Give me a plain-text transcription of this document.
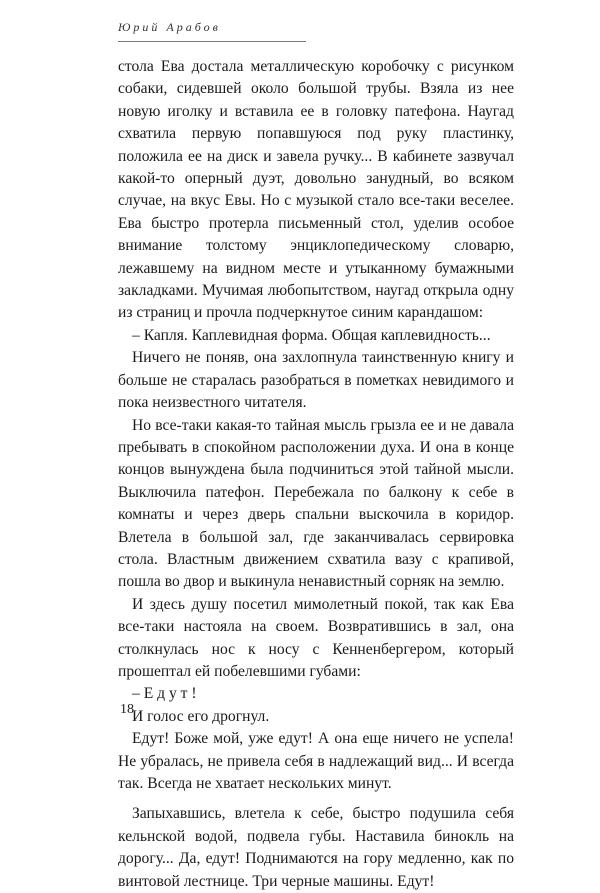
Юрий Арабов

стола Ева достала металлическую коробочку с рисунком собаки, сидевшей около большой трубы. Взяла из нее новую иголку и вставила ее в головку патефона. Наугад схватила первую попавшуюся под руку пластинку, положила ее на диск и завела ручку... В кабинете зазвучал какой-то оперный дуэт, довольно занудный, во всяком случае, на вкус Евы. Но с музыкой стало все-таки веселее. Ева быстро протерла письменный стол, уделив особое внимание толстому энциклопедическому словарю, лежавшему на видном месте и утыканному бумажными закладками. Мучимая любопытством, наугад открыла одну из страниц и прочла подчеркнутое синим карандашом:

– Капля. Каплевидная форма. Общая каплевидность...

Ничего не поняв, она захлопнула таинственную книгу и больше не старалась разобраться в пометках невидимого и пока неизвестного читателя.

Но все-таки какая-то тайная мысль грызла ее и не давала пребывать в спокойном расположении духа. И она в конце концов вынуждена была подчиниться этой тайной мысли. Выключила патефон. Перебежала по балкону к себе в комнаты и через дверь спальни выскочила в коридор. Влетела в большой зал, где заканчивалась сервировка стола. Властным движением схватила вазу с крапивой, пошла во двор и выкинула ненавистный сорняк на землю.

И здесь душу посетил мимолетный покой, так как Ева все-таки настояла на своем. Возвратившись в зал, она столкнулась нос к носу с Кенненбергером, который прошептал ей побелевшими губами:

– Е д у т !

И голос его дрогнул.

Едут! Боже мой, уже едут! А она еще ничего не успела! Не убралась, не привела себя в надлежащий вид... И всегда так. Всегда не хватает нескольких минут.

Запыхавшись, влетела к себе, быстро подушила себя кельнской водой, подвела губы. Наставила бинокль на дорогу... Да, едут! Поднимаются на гору медленно, как по винтовой лестнице. Три черные машины. Едут!

18
